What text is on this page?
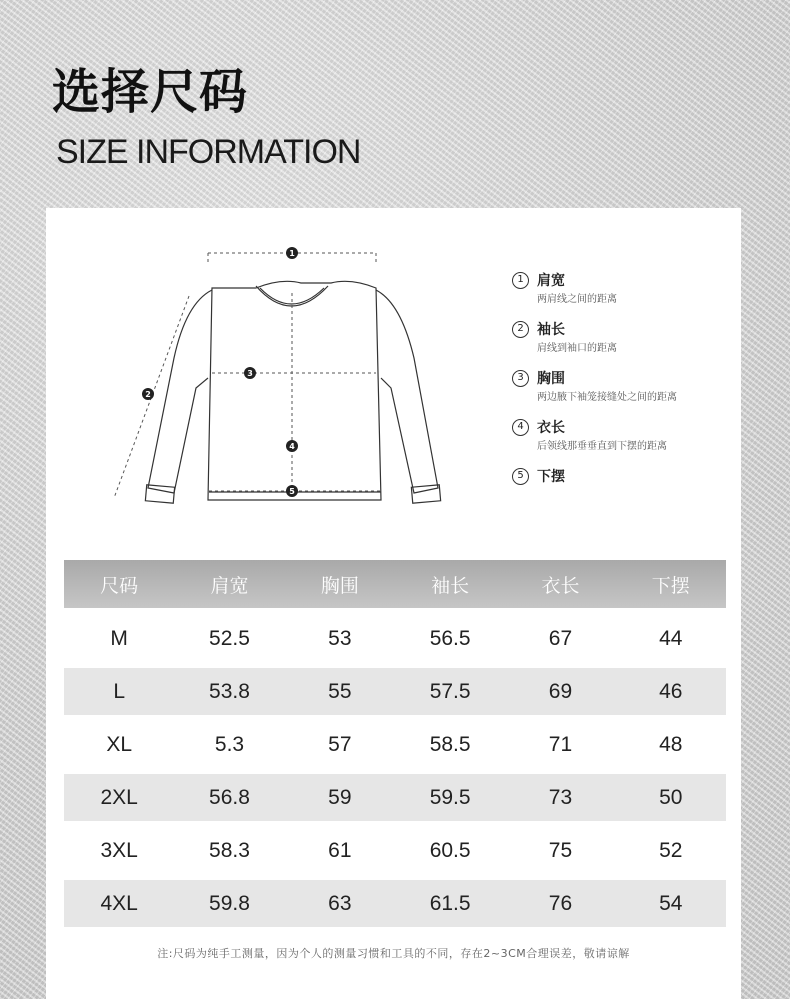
选择尺码
SIZE INFORMATION
1
2
3
4
5
1 肩宽
两肩线之间的距离
2 袖长
肩线到袖口的距离
3 胸围
两边腋下袖笼接缝处之间的距离
4 衣长
后领线那垂垂直到下摆的距离
5 下摆
尺码	肩宽	胸围	袖长	衣长	下摆
M	52.5	53	56.5	67	44
L	53.8	55	57.5	69	46
XL	5.3	57	58.5	71	48
2XL	56.8	59	59.5	73	50
3XL	58.3	61	60.5	75	52
4XL	59.8	63	61.5	76	54
注:尺码为纯手工测量，因为个人的测量习惯和工具的不同，存在2~3CM合理误差，敬请谅解
